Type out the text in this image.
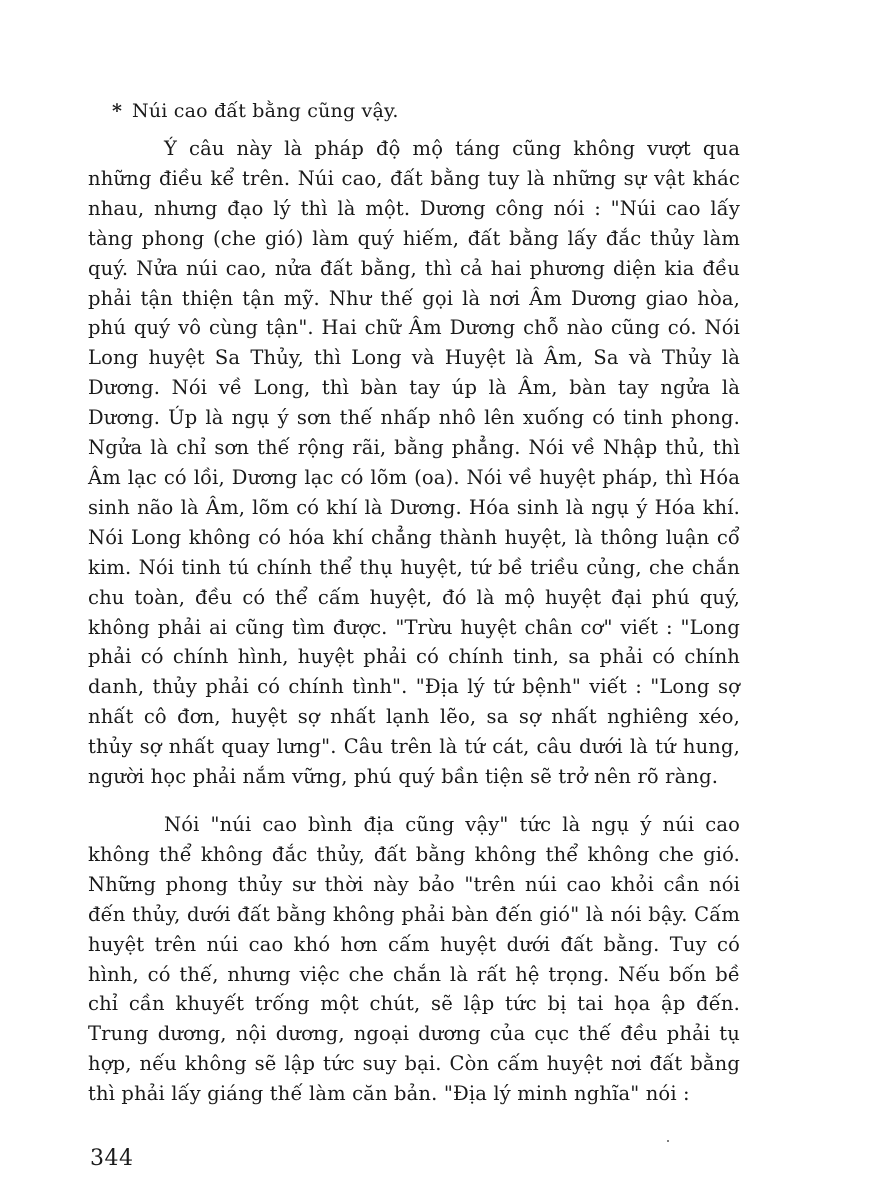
* Núi cao đất bằng cũng vậy.

Ý câu này là pháp độ mộ táng cũng không vượt qua những điều kể trên. Núi cao, đất bằng tuy là những sự vật khác nhau, nhưng đạo lý thì là một. Dương công nói : "Núi cao lấy tàng phong (che gió) làm quý hiếm, đất bằng lấy đắc thủy làm quý. Nửa núi cao, nửa đất bằng, thì cả hai phương diện kia đều phải tận thiện tận mỹ. Như thế gọi là nơi Âm Dương giao hòa, phú quý vô cùng tận". Hai chữ Âm Dương chỗ nào cũng có. Nói Long huyệt Sa Thủy, thì Long và Huyệt là Âm, Sa và Thủy là Dương. Nói về Long, thì bàn tay úp là Âm, bàn tay ngửa là Dương. Úp là ngụ ý sơn thế nhấp nhô lên xuống có tinh phong. Ngửa là chỉ sơn thế rộng rãi, bằng phẳng. Nói về Nhập thủ, thì Âm lạc có lồi, Dương lạc có lõm (oa). Nói về huyệt pháp, thì Hóa sinh não là Âm, lõm có khí là Dương. Hóa sinh là ngụ ý Hóa khí. Nói Long không có hóa khí chẳng thành huyệt, là thông luận cổ kim. Nói tinh tú chính thể thụ huyệt, tứ bề triều củng, che chắn chu toàn, đều có thể cấm huyệt, đó là mộ huyệt đại phú quý, không phải ai cũng tìm được. "Trừu huyệt chân cơ" viết : "Long phải có chính hình, huyệt phải có chính tinh, sa phải có chính danh, thủy phải có chính tình". "Địa lý tứ bệnh" viết : "Long sợ nhất cô đơn, huyệt sợ nhất lạnh lẽo, sa sợ nhất nghiêng xéo, thủy sợ nhất quay lưng". Câu trên là tứ cát, câu dưới là tứ hung, người học phải nắm vững, phú quý bần tiện sẽ trở nên rõ ràng.

Nói "núi cao bình địa cũng vậy" tức là ngụ ý núi cao không thể không đắc thủy, đất bằng không thể không che gió. Những phong thủy sư thời này bảo "trên núi cao khỏi cần nói đến thủy, dưới đất bằng không phải bàn đến gió" là nói bậy. Cấm huyệt trên núi cao khó hơn cấm huyệt dưới đất bằng. Tuy có hình, có thế, nhưng việc che chắn là rất hệ trọng. Nếu bốn bề chỉ cần khuyết trống một chút, sẽ lập tức bị tai họa ập đến. Trung dương, nội dương, ngoại dương của cục thế đều phải tụ hợp, nếu không sẽ lập tức suy bại. Còn cấm huyệt nơi đất bằng thì phải lấy giáng thế làm căn bản. "Địa lý minh nghĩa" nói :

344
